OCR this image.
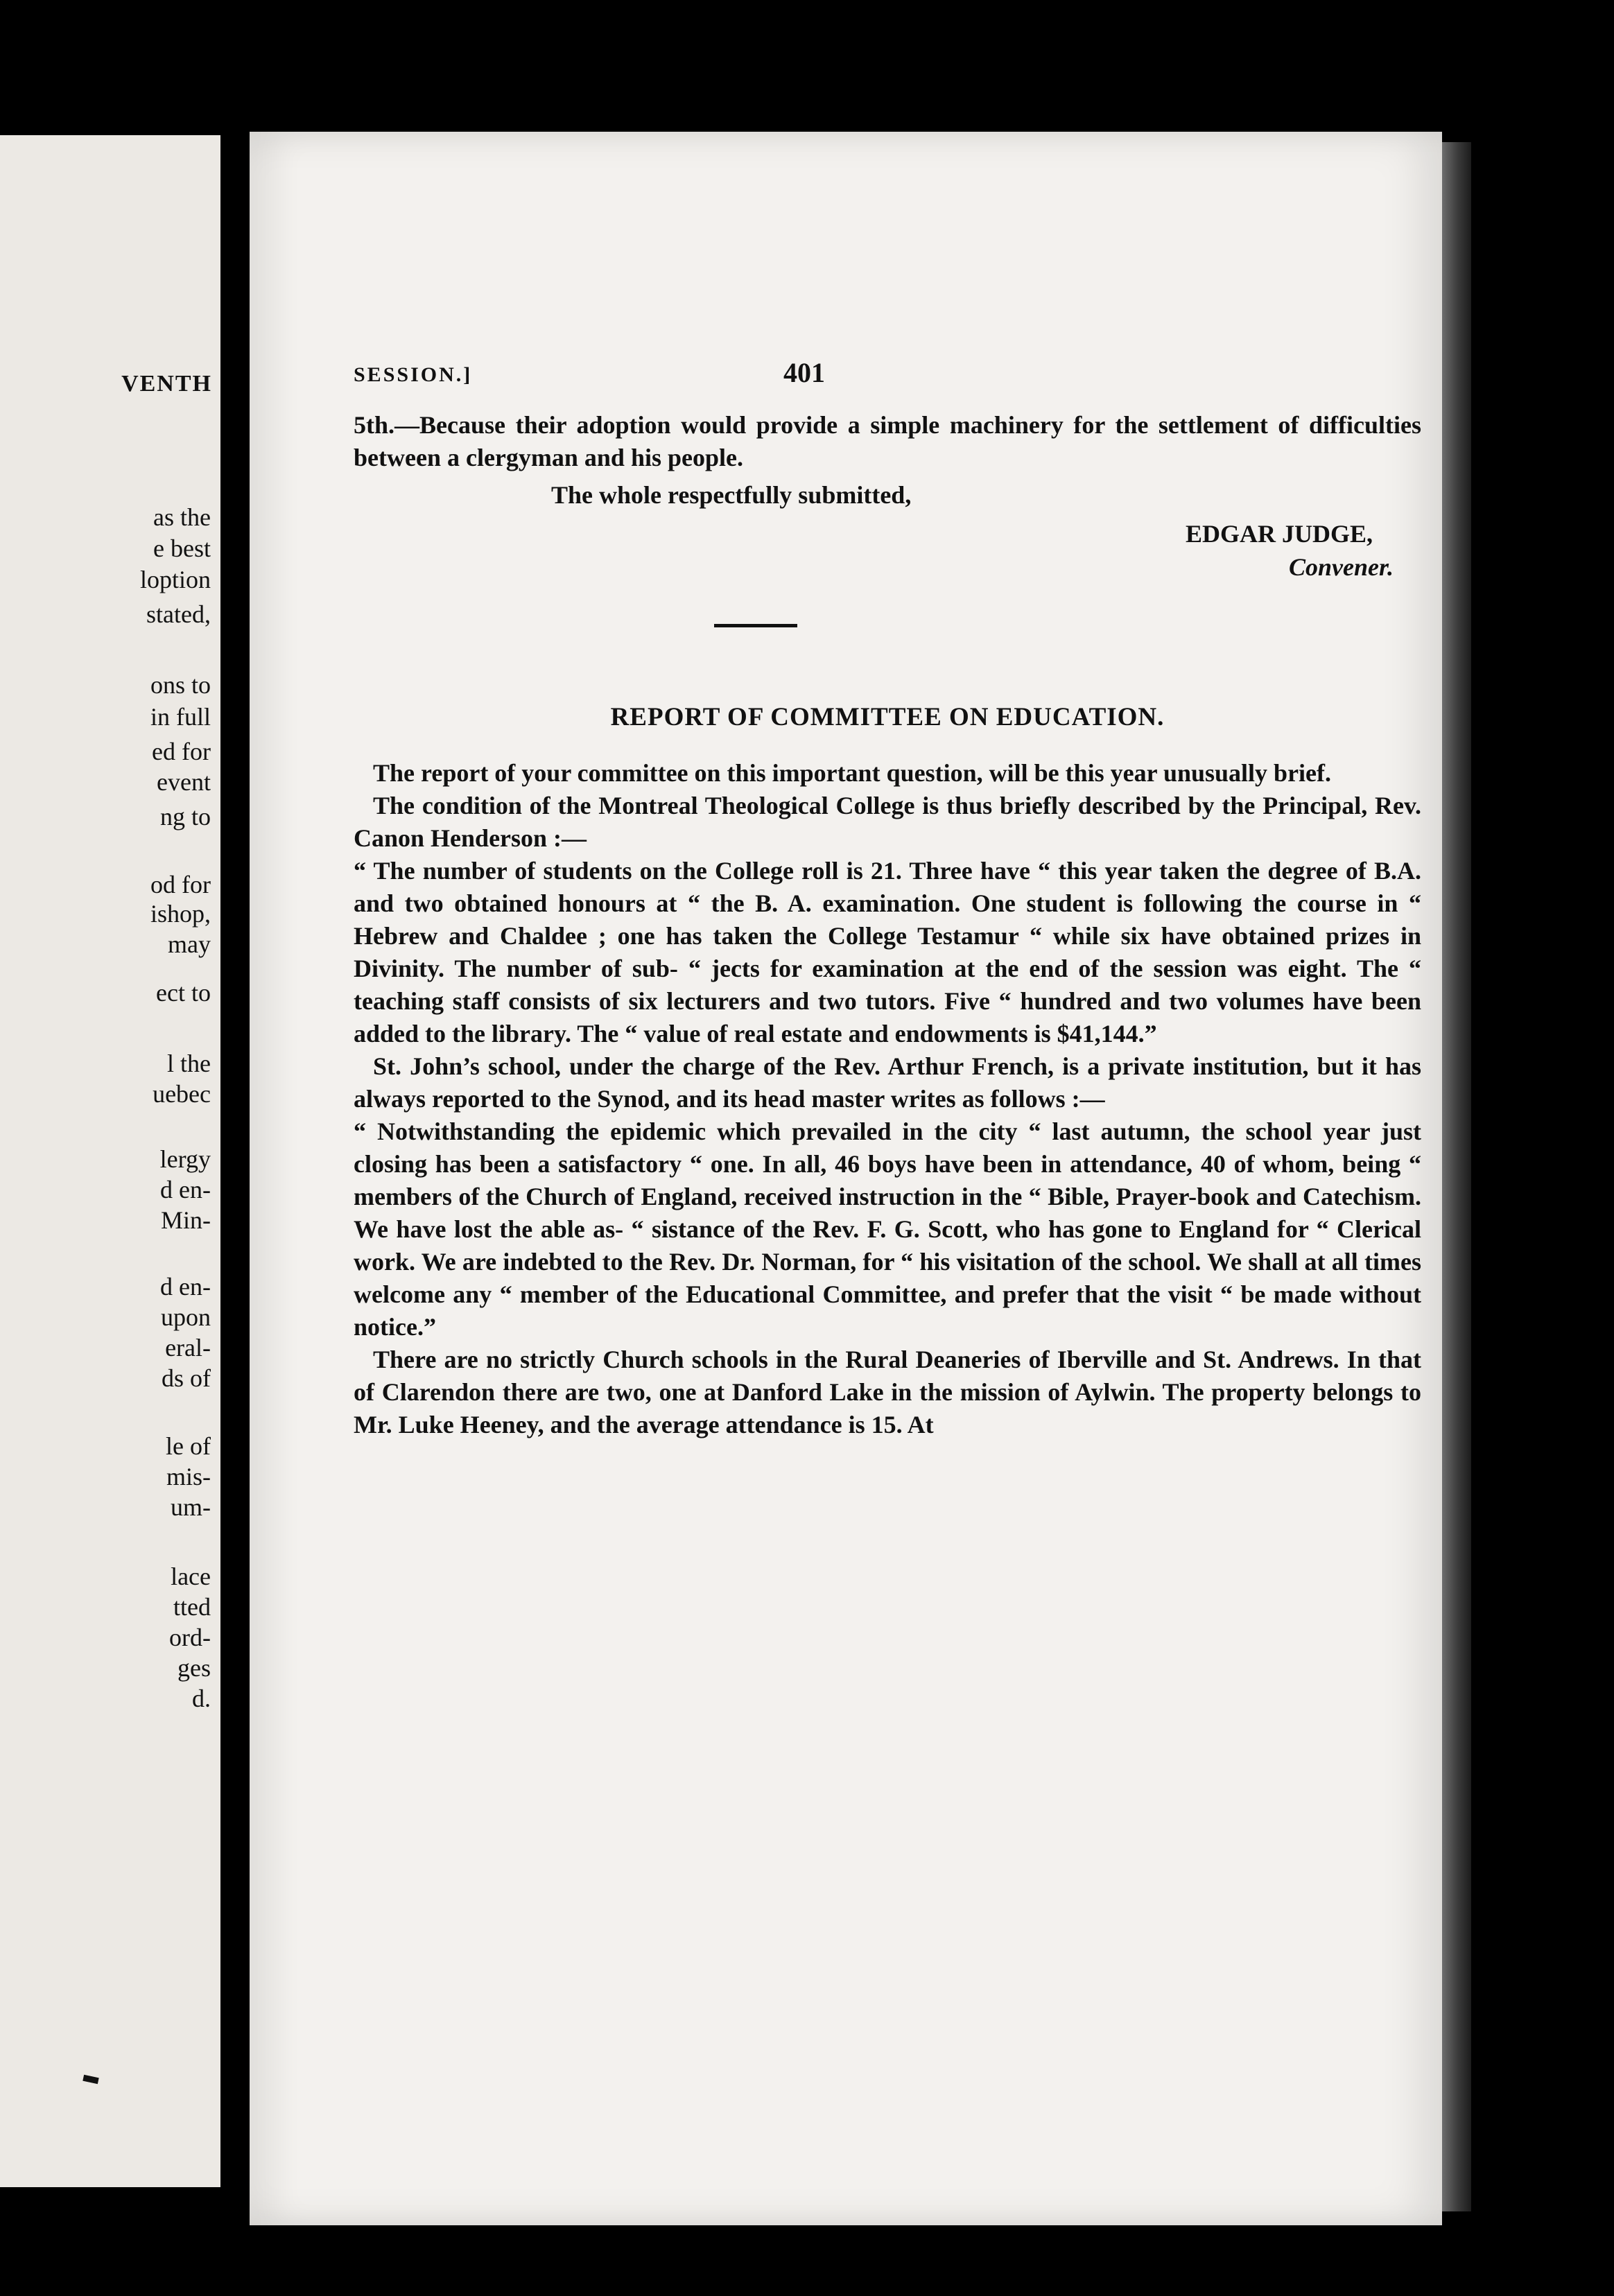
VENTH
as the
e best
loption
stated,
ons to
in full
ed for
event
ng to
od for
ishop,
may
ect to
l the
uebec
lergy
d en-
Min-
d en-
upon
eral-
ds of
le of
mis-
um-
lace
tted
ord-
ges
d.
SESSION.]	401

5th.—Because their adoption would provide a simple machinery for the settlement of difficulties between a clergyman and his people.

The whole respectfully submitted,
EDGAR JUDGE,
Convener.
REPORT OF COMMITTEE ON EDUCATION.

The report of your committee on this important question, will be this year unusually brief.

The condition of the Montreal Theological College is thus briefly described by the Principal, Rev. Canon Henderson :—

“ The number of students on the College roll is 21. Three have “ this year taken the degree of B.A. and two obtained honours at “ the B. A. examination. One student is following the course in “ Hebrew and Chaldee ; one has taken the College Testamur “ while six have obtained prizes in Divinity. The number of sub- “ jects for examination at the end of the session was eight. The “ teaching staff consists of six lecturers and two tutors. Five “ hundred and two volumes have been added to the library. The “ value of real estate and endowments is $41,144.”

St. John’s school, under the charge of the Rev. Arthur French, is a private institution, but it has always reported to the Synod, and its head master writes as follows :—

“ Notwithstanding the epidemic which prevailed in the city “ last autumn, the school year just closing has been a satisfactory “ one. In all, 46 boys have been in attendance, 40 of whom, being “ members of the Church of England, received instruction in the “ Bible, Prayer-book and Catechism. We have lost the able as- “ sistance of the Rev. F. G. Scott, who has gone to England for “ Clerical work. We are indebted to the Rev. Dr. Norman, for “ his visitation of the school. We shall at all times welcome any “ member of the Educational Committee, and prefer that the visit “ be made without notice.”

There are no strictly Church schools in the Rural Deaneries of Iberville and St. Andrews. In that of Clarendon there are two, one at Danford Lake in the mission of Aylwin. The property belongs to Mr. Luke Heeney, and the average attendance is 15. At
